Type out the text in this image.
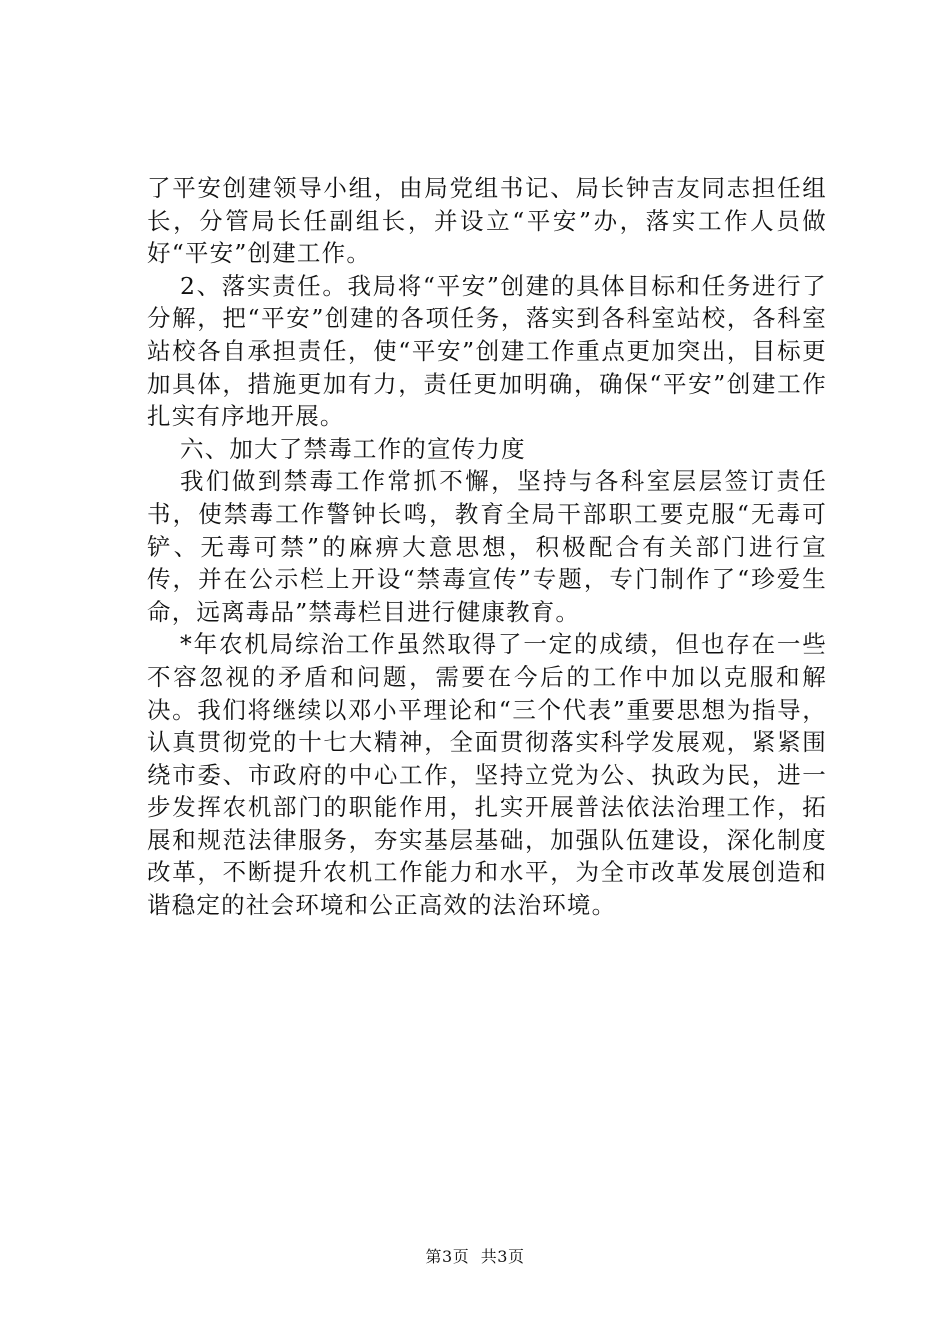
了平安创建领导小组，由局党组书记、局长钟吉友同志担任组长，分管局长任副组长，并设立“平安”办，落实工作人员做好“平安”创建工作。

2、落实责任。我局将“平安”创建的具体目标和任务进行了分解，把“平安”创建的各项任务，落实到各科室站校，各科室站校各自承担责任，使“平安”创建工作重点更加突出，目标更加具体，措施更加有力，责任更加明确，确保“平安”创建工作扎实有序地开展。

六、加大了禁毒工作的宣传力度

我们做到禁毒工作常抓不懈，坚持与各科室层层签订责任书，使禁毒工作警钟长鸣，教育全局干部职工要克服“无毒可铲、无毒可禁”的麻痹大意思想，积极配合有关部门进行宣传，并在公示栏上开设“禁毒宣传”专题，专门制作了“珍爱生命，远离毒品”禁毒栏目进行健康教育。

*年农机局综治工作虽然取得了一定的成绩，但也存在一些不容忽视的矛盾和问题，需要在今后的工作中加以克服和解决。我们将继续以邓小平理论和“三个代表”重要思想为指导，认真贯彻党的十七大精神，全面贯彻落实科学发展观，紧紧围绕市委、市政府的中心工作，坚持立党为公、执政为民，进一步发挥农机部门的职能作用，扎实开展普法依法治理工作，拓展和规范法律服务，夯实基层基础，加强队伍建设，深化制度改革，不断提升农机工作能力和水平，为全市改革发展创造和谐稳定的社会环境和公正高效的法治环境。

第3页 共3页
